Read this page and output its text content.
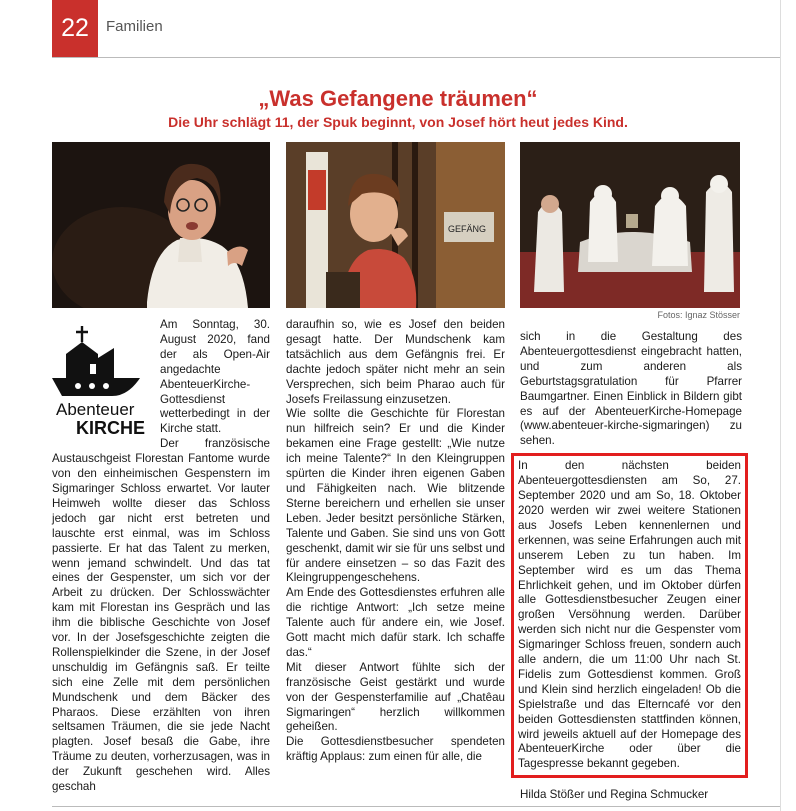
22	Familien
„Was Gefangene träumen“
Die Uhr schlägt 11, der Spuk beginnt, von Josef hört heut jedes Kind.
GEFÄNG
Fotos: Ignaz Stösser
Abenteuer
KIRCHE

Am Sonntag, 30. August 2020, fand der als Open-Air angedachte AbenteuerKirche-Gottesdienst wetterbedingt in der Kirche statt.

Der französische Austauschgeist Florestan Fantome wurde von den einheimischen Gespenstern im Sigmaringer Schloss erwartet. Vor lauter Heimweh wollte dieser das Schloss jedoch gar nicht erst betreten und lauschte erst einmal, was im Schloss passierte. Er hat das Talent zu merken, wenn jemand schwindelt. Und das tat eines der Gespenster, um sich vor der Arbeit zu drücken. Der Schlosswächter kam mit Florestan ins Gespräch und las ihm die biblische Geschichte von Josef vor. In der Josefsgeschichte zeigten die Rollenspielkinder die Szene, in der Josef unschuldig im Gefängnis saß. Er teilte sich eine Zelle mit dem persönlichen Mundschenk und dem Bäcker des Pharaos. Diese erzählten von ihren seltsamen Träumen, die sie jede Nacht plagten. Josef besaß die Gabe, ihre Träume zu deuten, vorherzusagen, was in der Zukunft geschehen wird. Alles geschah

daraufhin so, wie es Josef den beiden gesagt hatte. Der Mundschenk kam tatsächlich aus dem Gefängnis frei. Er dachte jedoch später nicht mehr an sein Versprechen, sich beim Pharao auch für Josefs Freilassung einzusetzen.

Wie sollte die Geschichte für Florestan nun hilfreich sein? Er und die Kinder bekamen eine Frage gestellt: „Wie nutze ich meine Talente?“ In den Kleingruppen spürten die Kinder ihren eigenen Gaben und Fähigkeiten nach. Wie blitzende Sterne bereichern und erhellen sie unser Leben. Jeder besitzt persönliche Stärken, Talente und Gaben. Sie sind uns von Gott geschenkt, damit wir sie für uns selbst und für andere einsetzen – so das Fazit des Kleingruppengeschehens.

Am Ende des Gottesdienstes erfuhren alle die richtige Antwort: „Ich setze meine Talente auch für andere ein, wie Josef. Gott macht mich dafür stark. Ich schaffe das.“

Mit dieser Antwort fühlte sich der französische Geist gestärkt und wurde von der Gespensterfamilie auf „Chatêau Sigmaringen“ herzlich willkommen geheißen.

Die Gottesdienstbesucher spendeten kräftig Applaus: zum einen für alle, die

sich in die Gestaltung des Abenteuergottesdienst eingebracht hatten, und zum anderen als Geburtstagsgratulation für Pfarrer Baumgartner. Einen Einblick in Bildern gibt es auf der AbenteuerKirche-Homepage (www.abenteuer-kirche-sigmaringen) zu sehen.

In den nächsten beiden Abenteuergottesdiensten am So, 27. September 2020 und am So, 18. Oktober 2020 werden wir zwei weitere Stationen aus Josefs Leben kennenlernen und erkennen, was seine Erfahrungen auch mit unserem Leben zu tun haben. Im September wird es um das Thema Ehrlichkeit gehen, und im Oktober dürfen alle Gottesdienstbesucher Zeugen einer großen Versöhnung werden. Darüber werden sich nicht nur die Gespenster vom Sigmaringer Schloss freuen, sondern auch alle andern, die um 11:00 Uhr nach St. Fidelis zum Gottesdienst kommen. Groß und Klein sind herzlich eingeladen! Ob die Spielstraße und das Elterncafé vor den beiden Gottesdiensten stattfinden können, wird jeweils aktuell auf der Homepage des AbenteuerKirche oder über die Tagespresse bekannt gegeben.

Hilda Stößer und Regina Schmucker
